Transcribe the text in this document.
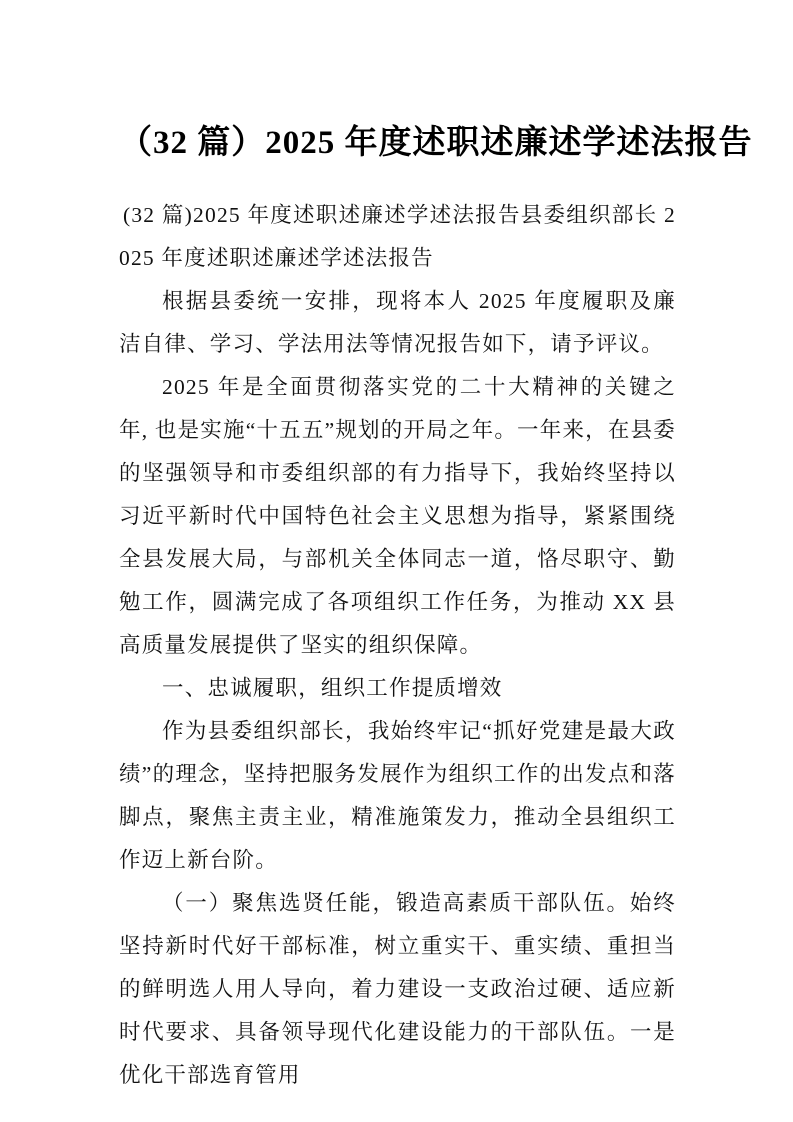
（32 篇）2025 年度述职述廉述学述法报告

(32 篇)2025 年度述职述廉述学述法报告县委组织部长 2025 年度述职述廉述学述法报告

根据县委统一安排，现将本人 2025 年度履职及廉洁自律、学习、学法用法等情况报告如下，请予评议。

2025 年是全面贯彻落实党的二十大精神的关键之年, 也是实施“十五五”规划的开局之年。一年来，在县委的坚强领导和市委组织部的有力指导下，我始终坚持以习近平新时代中国特色社会主义思想为指导，紧紧围绕全县发展大局，与部机关全体同志一道，恪尽职守、勤勉工作，圆满完成了各项组织工作任务，为推动 XX 县高质量发展提供了坚实的组织保障。

一、忠诚履职，组织工作提质增效

作为县委组织部长，我始终牢记“抓好党建是最大政绩”的理念，坚持把服务发展作为组织工作的出发点和落脚点，聚焦主责主业，精准施策发力，推动全县组织工作迈上新台阶。

（一）聚焦选贤任能，锻造高素质干部队伍。始终坚持新时代好干部标准，树立重实干、重实绩、重担当的鲜明选人用人导向，着力建设一支政治过硬、适应新时代要求、具备领导现代化建设能力的干部队伍。一是优化干部选育管用
